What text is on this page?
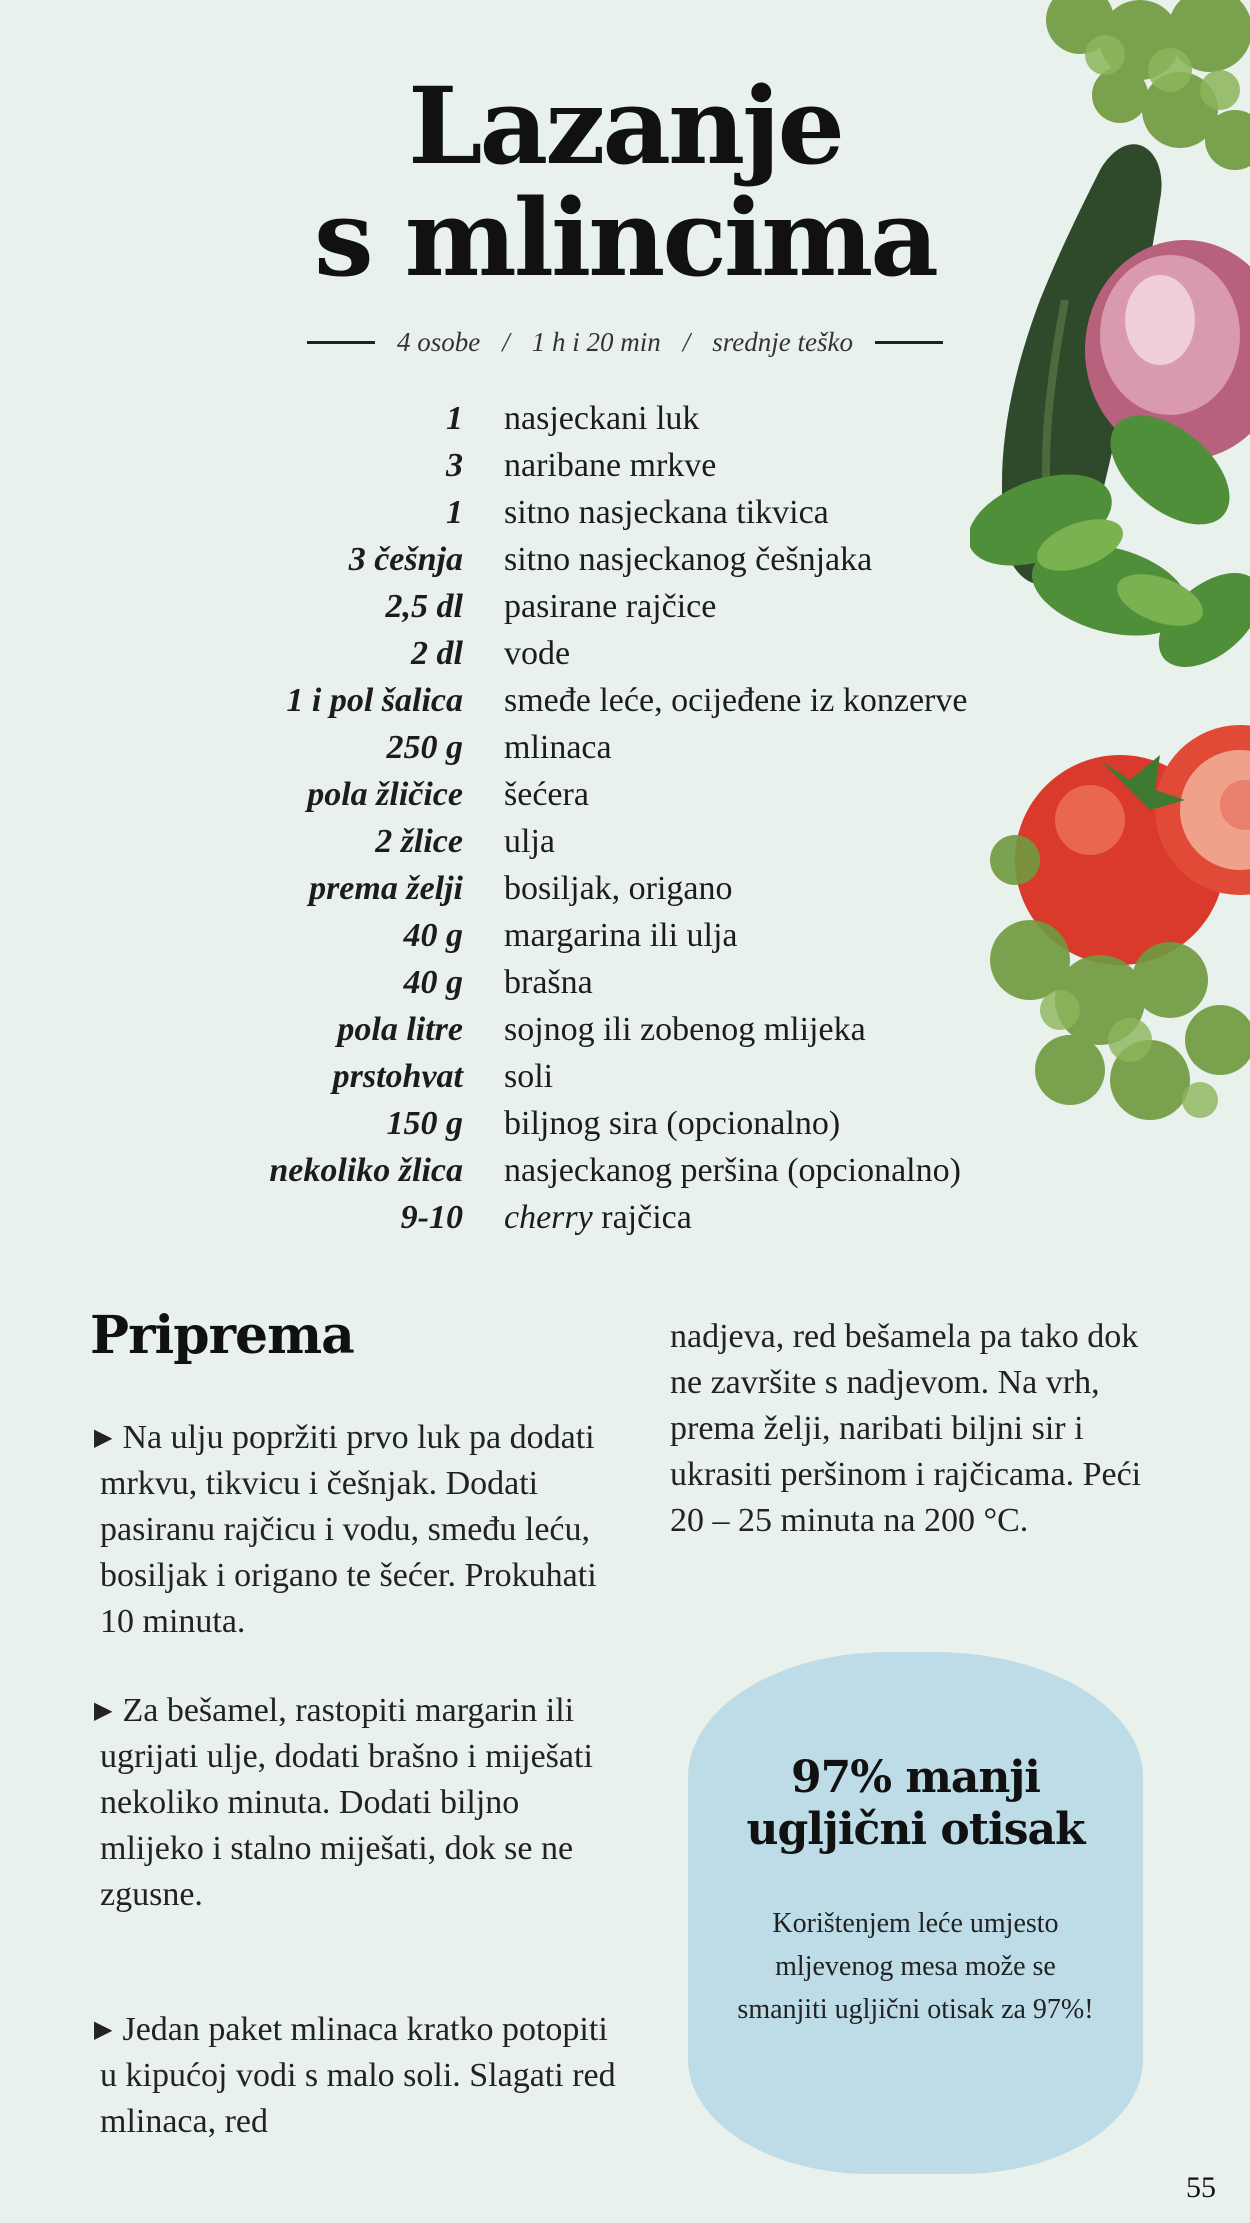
Lazanje
s mlincima
4 osobe / 1 h i 20 min / srednje teško
1 nasjeckani luk
3 naribane mrkve
1 sitno nasjeckana tikvica
3 češnja sitno nasjeckanog češnjaka
2,5 dl pasirane rajčice
2 dl vode
1 i pol šalica smeđe leće, ocijeđene iz konzerve
250 g mlinaca
pola žličice šećera
2 žlice ulja
prema želji bosiljak, origano
40 g margarina ili ulja
40 g brašna
pola litre sojnog ili zobenog mlijeka
prstohvat soli
150 g biljnog sira (opcionalno)
nekoliko žlica nasjeckanog peršina (opcionalno)
9-10 cherry rajčica
Priprema
▶ Na ulju popržiti prvo luk pa dodati mrkvu, tikvicu i češnjak. Dodati pasiranu rajčicu i vodu, smeđu leću, bosiljak i origano te šećer. Prokuhati 10 minuta.
▶ Za bešamel, rastopiti margarin ili ugrijati ulje, dodati brašno i miješati nekoliko minuta. Dodati biljno mlijeko i stalno miješati, dok se ne zgusne.
▶ Jedan paket mlinaca kratko potopiti u kipućoj vodi s malo soli. Slagati red mlinaca, red
nadjeva, red bešamela pa tako dok ne završite s nadjevom. Na vrh, prema želji, naribati biljni sir i ukrasiti peršinom i rajčicama. Peći 20 – 25 minuta na 200 °C.
97% manji
ugljični otisak
Korištenjem leće umjesto mljevenog mesa može se smanjiti ugljični otisak za 97%!
55
